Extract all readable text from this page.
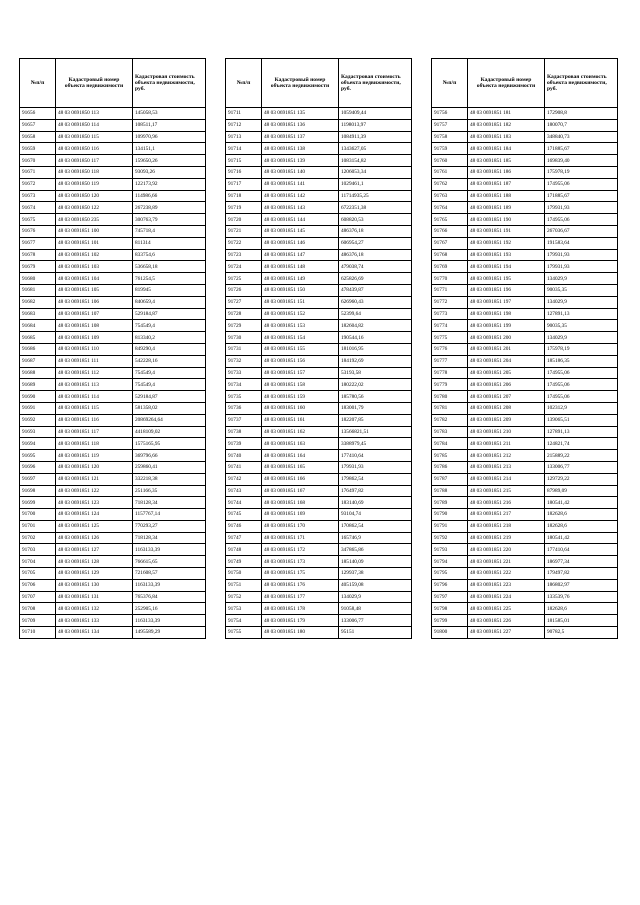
№п/п	Кадастровый номер объекта недвижимости	Кадастровая стоимость объекта недвижимости, руб.
91656	48 03 0691850 113	145058,53
91657	48 03 0691850 114	108511,17
91658	48 03 0691850 115	109970,96
91659	48 03 0691850 116	134151,1
91670	48 03 0691850 117	159650,26
91671	48 03 0691850 118	93093,26
91672	48 03 0691850 119	122173,92
91673	48 03 0691850 120	114986,66
91674	48 03 0691850 122	267238,89
91675	48 03 0691850 235	300763,79
91676	48 03 0691851 100	745718,4
91677	48 03 0691851 101	811314
91678	48 03 0691851 102	833754,6
91679	48 03 0691851 103	536658,18
91680	48 03 0691851 104	761254,5
91681	48 03 0691851 105	819945
91682	48 03 0691851 106	840659,4
91683	48 03 0691851 107	529184,87
91684	48 03 0691851 108	754549,4
91685	48 03 0691851 109	813340,2
91686	48 03 0691851 110	849290,4
91687	48 03 0691851 111	542228,16
91688	48 03 0691851 112	754549,4
91689	48 03 0691851 113	754549,4
91690	48 03 0691851 114	529184,87
91691	48 03 0691851 115	581358,02
91692	48 03 0691851 116	20869264,64
91693	48 03 0691851 117	4418109,02
91694	48 03 0691851 118	1575165,95
91695	48 03 0691851 119	369796,66
91696	48 03 0691851 120	259860,41
91697	48 03 0691851 121	332218,38
91698	48 03 0691851 122	251166,35
91699	48 03 0691851 123	718128,34
91700	48 03 0691851 124	1157767,14
91701	48 03 0691851 125	770293,27
91702	48 03 0691851 126	718128,34
91703	48 03 0691851 127	1163133,39
91704	48 03 0691851 128	766615,65
91705	48 03 0691851 129	721608,57
91706	48 03 0691851 130	1163133,39
91707	48 03 0691851 131	765376,84
91708	48 03 0691851 132	252905,16
91709	48 03 0691851 133	1163133,39
91710	48 03 0691851 134	1495589,29
№п/п	Кадастровый номер объекта недвижимости	Кадастровая стоимость объекта недвижимости, руб.
91711	48 03 0691851 135	1059409,44
91712	48 03 0691851 136	1198013,97
91713	48 03 0691851 137	1084911,39
91714	48 03 0691851 138	1343627,05
91715	48 03 0691851 139	1083154,82
91716	48 03 0691851 140	1206053,34
91717	48 03 0691851 141	1029461,1
91718	48 03 0691851 142	11714935,25
91719	48 03 0691851 143	6722351,38
91720	48 03 0691851 144	608820,53
91721	48 03 0691851 145	486376,18
91722	48 03 0691851 146	606954,27
91723	48 03 0691851 147	486376,18
91724	48 03 0691851 148	479038,74
91725	48 03 0691851 149	625826,69
91726	48 03 0691851 150	478439,87
91727	48 03 0691851 151	626960,43
91728	48 03 0691851 152	52399,64
91729	48 03 0691851 153	182604,82
91730	48 03 0691851 154	190544,16
91731	48 03 0691851 155	181016,95
91732	48 03 0691851 156	184192,69
91733	48 03 0691851 157	53193,58
91734	48 03 0691851 158	180222,02
91735	48 03 0691851 159	185780,56
91736	48 03 0691851 160	183001,79
91737	48 03 0691851 161	182207,85
91738	48 03 0691851 162	13566821,51
91739	48 03 0691851 163	3388979,45
91740	48 03 0691851 164	177410,64
91741	48 03 0691851 165	179931,93
91742	48 03 0691851 166	179862,54
91743	48 03 0691851 167	176497,82
91744	48 03 0691851 168	183140,69
91745	48 03 0691851 169	93104,74
91746	48 03 0691851 170	170862,54
91747	48 03 0691851 171	165746,9
91748	48 03 0691851 172	347865,86
91749	48 03 0691851 173	185140,09
91750	48 03 0691851 175	129937,38
91751	48 03 0691851 176	405159,08
91752	48 03 0691851 177	134029,9
91753	48 03 0691851 178	91058,48
91754	48 03 0691851 179	133006,77
91755	48 03 0691851 180	95151
№п/п	Кадастровый номер объекта недвижимости	Кадастровая стоимость объекта недвижимости, руб.
91756	48 03 0691851 181	172908,8
91757	48 03 0691851 182	180070,7
91758	48 03 0691851 183	348840,73
91759	48 03 0691851 184	171885,67
91760	48 03 0691851 185	169839,40
91761	48 03 0691851 186	175978,19
91762	48 03 0691851 187	174955,06
91763	48 03 0691851 188	171885,67
91764	48 03 0691851 189	179931,93
91765	48 03 0691851 190	174955,06
91766	48 03 0691851 191	267036,67
91767	48 03 0691851 192	191583,64
91768	48 03 0691851 193	179931,93
91769	48 03 0691851 194	179931,93
91770	48 03 0691851 195	134029,9
91771	48 03 0691851 196	90035,35
91772	48 03 0691851 197	134029,9
91773	48 03 0691851 198	127891,13
91774	48 03 0691851 199	90035,35
91775	48 03 0691851 200	134029,9
91776	48 03 0691851 201	175978,19
91777	48 03 0691851 204	185186,35
91778	48 03 0691851 205	174955,06
91779	48 03 0691851 206	174955,06
91780	48 03 0691851 207	174955,06
91781	48 03 0691851 208	102312,9
91782	48 03 0691851 209	139065,51
91783	48 03 0691851 210	127891,13
91784	48 03 0691851 211	124821,74
91785	48 03 0691851 212	215889,22
91786	48 03 0691851 213	133006,77
91787	48 03 0691851 214	129729,22
91788	48 03 0691851 215	87989,09
91789	48 03 0691851 216	180541,42
91790	48 03 0691851 217	182628,6
91791	48 03 0691851 218	182628,6
91792	48 03 0691851 219	180541,42
91793	48 03 0691851 220	177410,64
91794	48 03 0691851 221	186977,34
91795	48 03 0691851 222	179497,82
91796	48 03 0691851 223	186802,97
91797	48 03 0691851 224	133539,76
91798	48 03 0691851 225	182628,6
91799	48 03 0691851 226	181585,01
91800	48 03 0691851 227	90782,5
